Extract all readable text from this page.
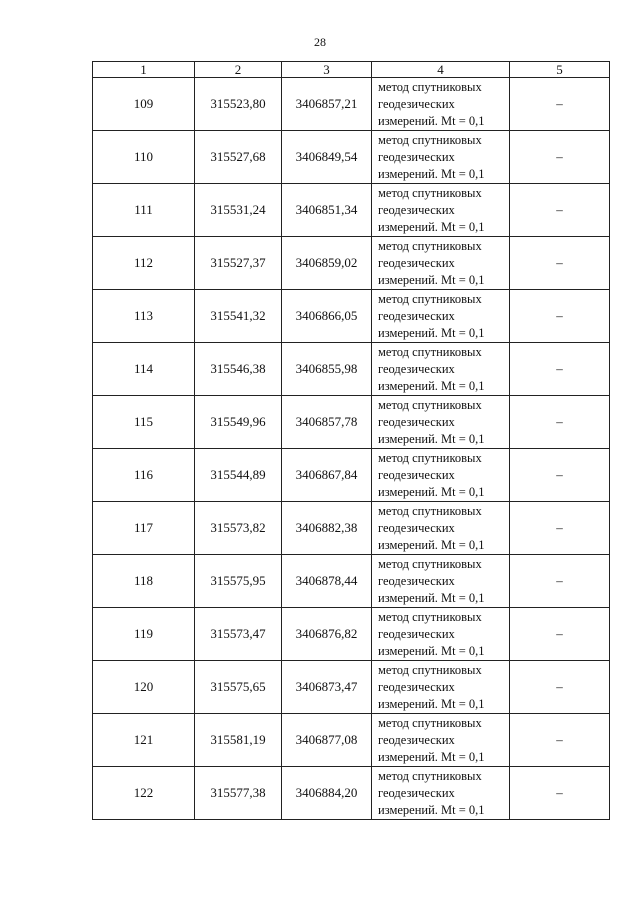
28
1	2	3	4	5
109	315523,80	3406857,21	метод спутниковых
геодезических
измерений. Mt = 0,1	–
110	315527,68	3406849,54	метод спутниковых
геодезических
измерений. Mt = 0,1	–
111	315531,24	3406851,34	метод спутниковых
геодезических
измерений. Mt = 0,1	–
112	315527,37	3406859,02	метод спутниковых
геодезических
измерений. Mt = 0,1	–
113	315541,32	3406866,05	метод спутниковых
геодезических
измерений. Mt = 0,1	–
114	315546,38	3406855,98	метод спутниковых
геодезических
измерений. Mt = 0,1	–
115	315549,96	3406857,78	метод спутниковых
геодезических
измерений. Mt = 0,1	–
116	315544,89	3406867,84	метод спутниковых
геодезических
измерений. Mt = 0,1	–
117	315573,82	3406882,38	метод спутниковых
геодезических
измерений. Mt = 0,1	–
118	315575,95	3406878,44	метод спутниковых
геодезических
измерений. Mt = 0,1	–
119	315573,47	3406876,82	метод спутниковых
геодезических
измерений. Mt = 0,1	–
120	315575,65	3406873,47	метод спутниковых
геодезических
измерений. Mt = 0,1	–
121	315581,19	3406877,08	метод спутниковых
геодезических
измерений. Mt = 0,1	–
122	315577,38	3406884,20	метод спутниковых
геодезических
измерений. Mt = 0,1	–
